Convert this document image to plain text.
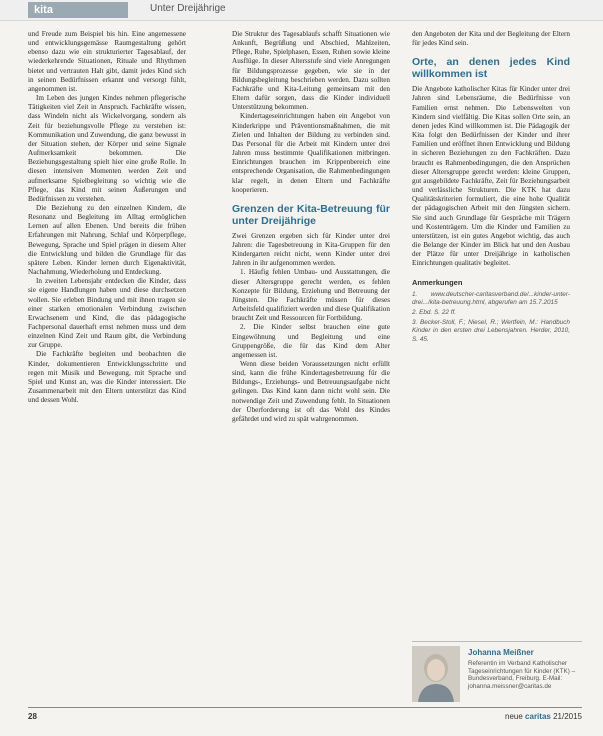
kita	Unter Dreijährige

und Freude zum Beispiel bis hin. Eine angemessene und entwicklungsgemässe Raumgestaltung gehört ebenso dazu wie ein strukturierter Tagesablauf, der wiederkehrende Situationen, Rituale und Rhythmen bietet und vertrauten Halt gibt, damit jedes Kind sich in seinen Bedürfnissen erkannt und versorgt fühlt, angenommen ist.

Im Leben des jungen Kindes nehmen pflegerische Tätigkeiten viel Zeit in Anspruch. Fachkräfte wissen, dass Windeln nicht als Wickelvorgang, sondern als Zeit für beziehungsvolle Pflege zu verstehen ist: Kommunikation und Zuwendung, die ganz bewusst in der Situation stehen, der Körper und seine Signale Aufmerksamkeit bekommen. Die Beziehungsgestaltung spielt hier eine große Rolle. In diesen intensiven Momenten werden Zeit und aufmerksame Spielbegleitung so wichtig wie die Pflege, das Kind mit seinen Äußerungen und Bedürfnissen zu verstehen.

Die Beziehung zu den einzelnen Kindern, die Resonanz und Begleitung im Alltag ermöglichen Lernen auf allen Ebenen. Und bereits die frühen Erfahrungen mit Nahrung, Schlaf und Körperpflege, Bewegung, Sprache und Spiel prägen in diesem Alter die Entwicklung und bilden die Grundlage für das spätere Leben. Kinder lernen durch Eigenaktivität, Nachahmung, Wiederholung und Entdeckung.

In zweiten Lebensjahr entdecken die Kinder, dass sie eigene Handlungen haben und diese durchsetzen wollen. Sie erleben Bindung und mit ihnen tragen sie einer starken emotionalen Verbindung zwischen Erwachsenem und Kind, die das pädagogische Fachpersonal dauerhaft ernst nehmen muss und dem einzelnen Kind Zeit und Raum gibt, die Verbindung zur Gruppe.

Die Fachkräfte begleiten und beobachten die Kinder, dokumentieren Entwicklungsschritte und regen mit Musik und Bewegung, mit Sprache und Spiel und Kunst an, was die Kinder interessiert. Die Zusammenarbeit mit den Eltern unterstützt das Kind und dessen Wohl.

Die Struktur des Tagesablaufs schafft Situationen wie Ankunft, Begrüßung und Abschied, Mahlzeiten, Pflege, Ruhe, Spielphasen, Essen, Ruhen sowie kleine Ausflüge. In dieser Altersstufe sind viele Anregungen für Bildungsprozesse gegeben, wie sie in der Bildungsbegleitung beschrieben werden. Dazu sollten Fachkräfte und Kita-Leitung gemeinsam mit den Eltern dafür sorgen, dass die Kinder individuell Unterstützung bekommen.

Kindertageseinrichtungen haben ein Angebot von Kinderkrippe und Präventionsmaßnahmen, die mit Zielen und Inhalten der Bildung zu verbinden sind. Das Personal für die Arbeit mit Kindern unter drei Jahren muss bestimmte Qualifikationen mitbringen. Einrichtungen brauchen im Krippenbereich eine entsprechende Organisation, die Rahmenbedingungen klar regelt, in denen Eltern und Fachkräfte kooperieren.

Grenzen der Kita-Betreuung für unter Dreijährige

Zwei Grenzen ergeben sich für Kinder unter drei Jahren: die Tagesbetreuung in Kita-Gruppen für den Kindergarten reicht nicht, wenn Kinder unter drei Jahren in ihr aufgenommen werden.

1. Häufig fehlen Umbau- und Ausstattungen, die dieser Altersgruppe gerecht werden, es fehlen Konzepte für Bildung, Erziehung und Betreuung der Jüngsten. Die Fachkräfte müssen für dieses Arbeitsfeld qualifiziert werden und diese Qualifikation braucht Zeit und Ressourcen für Fortbildung.

2. Die Kinder selbst brauchen eine gute Eingewöhnung und Begleitung und eine Gruppengröße, die für das Kind dem Alter angemessen ist.

Wenn diese beiden Voraussetzungen nicht erfüllt sind, kann die frühe Kindertagesbetreuung für die Bildungs-, Erziehungs- und Betreuungsaufgabe nicht gelingen. Das Kind kann dann nicht wohl sein. Die notwendige Zeit und Zuwendung fehlt. In Situationen der Überforderung ist oft das Wohl des Kindes gefährdet und wird zu spät wahrgenommen.

den Angeboten der Kita und der Begleitung der Eltern für jedes Kind sein.

Orte, an denen jedes Kind willkommen ist

Die Angebote katholischer Kitas für Kinder unter drei Jahren sind Lebensräume, die Bedürfnisse von Familien ernst nehmen. Die Lebenswelten von Kindern sind vielfältig. Die Kitas sollen Orte sein, an denen jedes Kind willkommen ist. Die Pädagogik der Kita folgt den Bedürfnissen der Kinder und ihrer Familien und eröffnet ihnen Entwicklung und Bildung in sicheren Beziehungen zu den Fachkräften. Dazu braucht es Rahmenbedingungen, die den Ansprüchen dieser Altersgruppe gerecht werden: kleine Gruppen, gut ausgebildete Fachkräfte, Zeit für Beziehungsarbeit und verlässliche Strukturen. Die KTK hat dazu Qualitätskriterien formuliert, die eine hohe Qualität der pädagogischen Arbeit mit den Jüngsten sichern. Sie sind auch Grundlage für Gespräche mit Trägern und Kostenträgern. Um die Kinder und Familien zu unterstützen, ist ein gutes Angebot wichtig, das auch die Belange der Kinder im Blick hat und den Ausbau der Plätze für unter Dreijährige in katholischen Einrichtungen qualitativ begleitet.

Anmerkungen
1. www.deutscher-caritasverband.de/...kinder-unter-drei.../kita-betreuung.html, abgerufen am 15.7.2015
2. Ebd. S. 22 ff.
3. Becker-Stoll, F.; Niesel, R.; Wertfein, M.: Handbuch Kinder in den ersten drei Lebensjahren. Herder, 2010, S. 45.
Johanna Meißner
Referentin im Verband Katholischer Tageseinrichtungen für Kinder (KTK) – Bundesverband, Freiburg. E-Mail: johanna.meissner@caritas.de
28	neue caritas 21/2015
